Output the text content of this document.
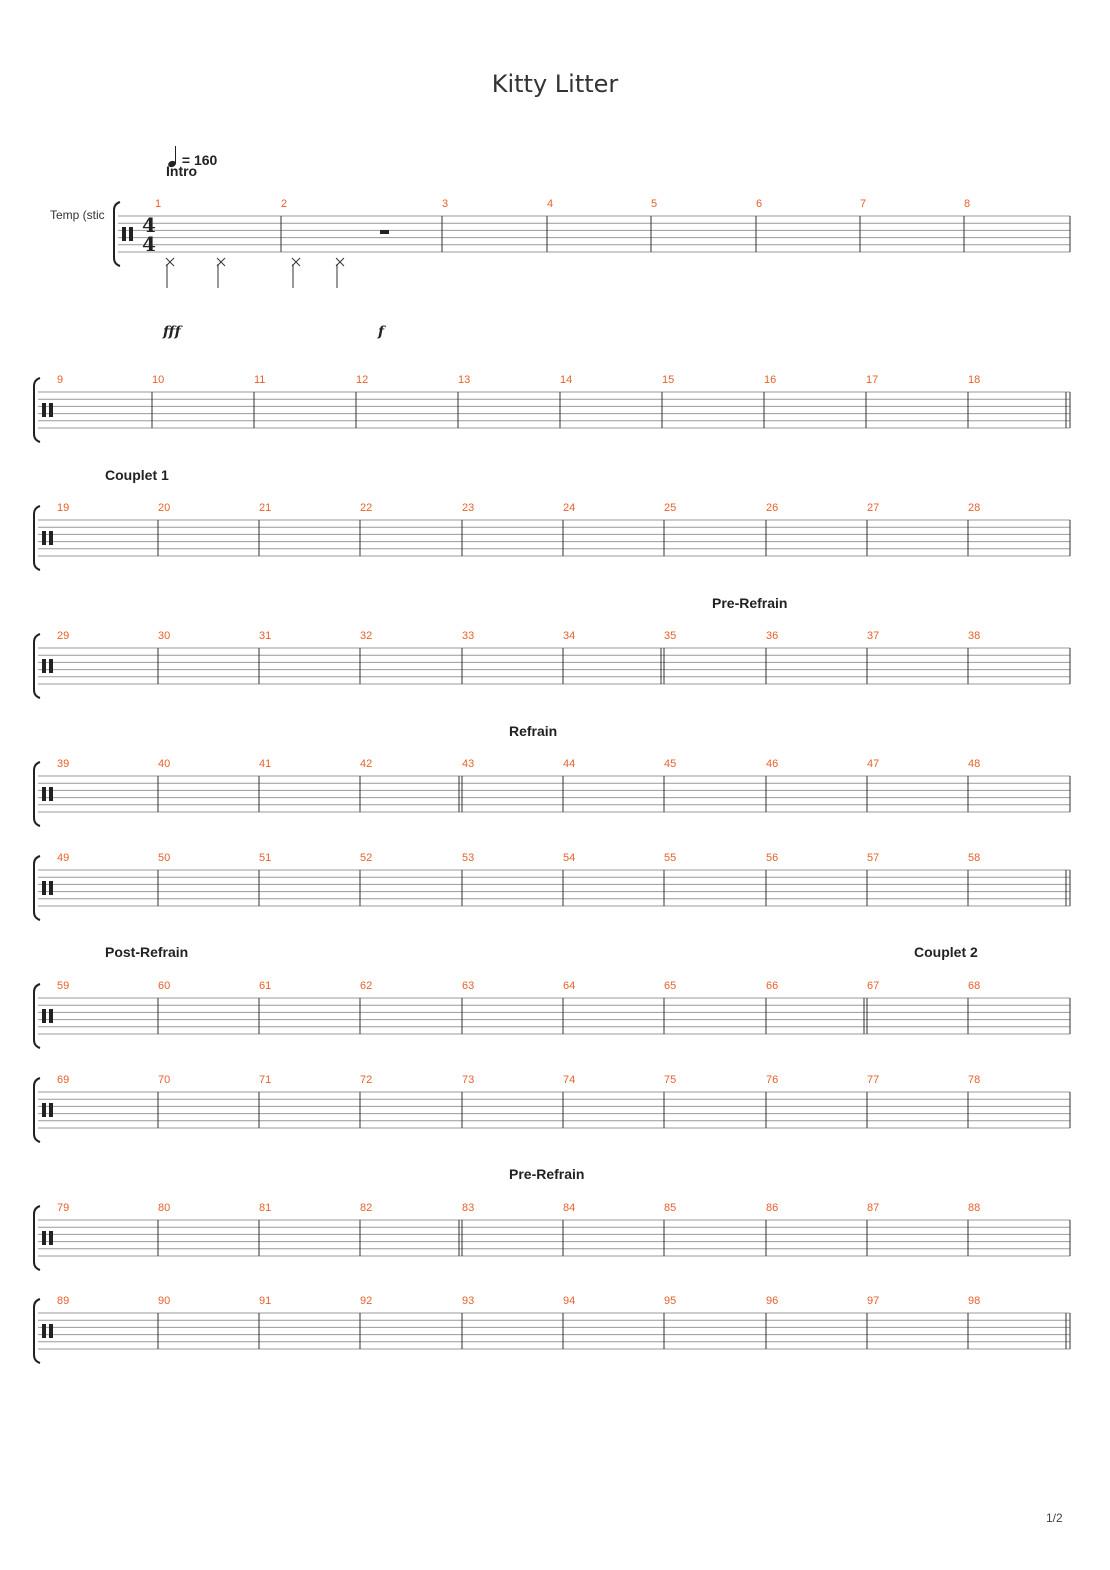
Kitty Litter
= 160
Temp (stic
Intro
Couplet 1
Pre-Refrain
Refrain
Post-Refrain	Couplet 2
Pre-Refrain
fff	f
4
4
1	2	3	4	5	6	7	8
9	10	11	12	13	14	15	16	17	18
19	20	21	22	23	24	25	26	27	28
29	30	31	32	33	34	35	36	37	38
39	40	41	42	43	44	45	46	47	48
49	50	51	52	53	54	55	56	57	58
59	60	61	62	63	64	65	66	67	68
69	70	71	72	73	74	75	76	77	78
79	80	81	82	83	84	85	86	87	88
89	90	91	92	93	94	95	96	97	98
1/2
